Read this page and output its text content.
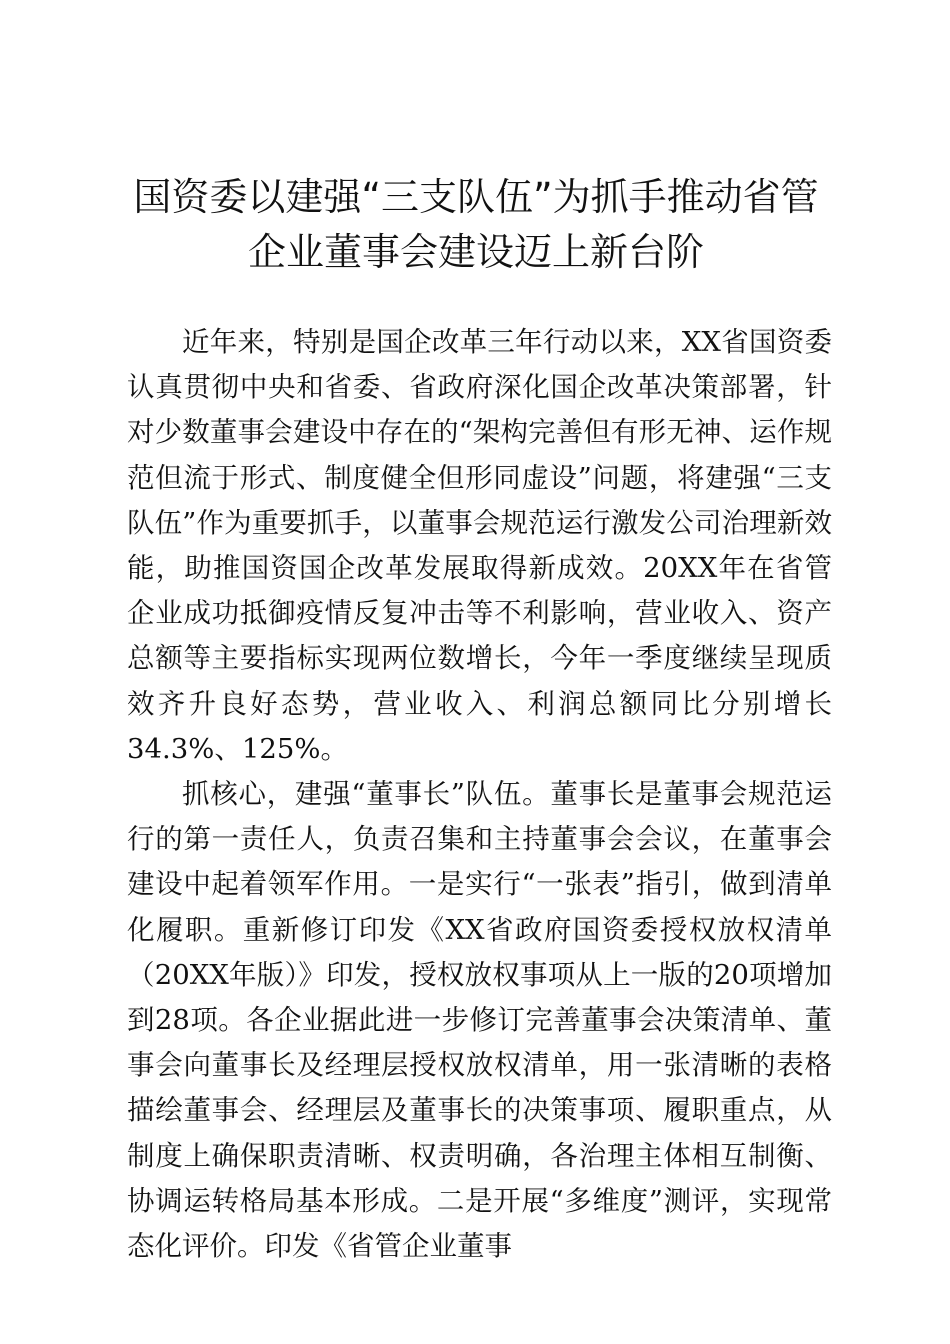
国资委以建强“三支队伍”为抓手推动省管企业董事会建设迈上新台阶

近年来，特别是国企改革三年行动以来，XX省国资委认真贯彻中央和省委、省政府深化国企改革决策部署，针对少数董事会建设中存在的“架构完善但有形无神、运作规范但流于形式、制度健全但形同虚设”问题，将建强“三支队伍”作为重要抓手，以董事会规范运行激发公司治理新效能，助推国资国企改革发展取得新成效。20XX年在省管企业成功抵御疫情反复冲击等不利影响，营业收入、资产总额等主要指标实现两位数增长，今年一季度继续呈现质效齐升良好态势，营业收入、利润总额同比分别增长34.3%、125%。

抓核心，建强“董事长”队伍。董事长是董事会规范运行的第一责任人，负责召集和主持董事会会议，在董事会建设中起着领军作用。一是实行“一张表”指引，做到清单化履职。重新修订印发《XX省政府国资委授权放权清单（20XX年版）》印发，授权放权事项从上一版的20项增加到28项。各企业据此进一步修订完善董事会决策清单、董事会向董事长及经理层授权放权清单，用一张清晰的表格描绘董事会、经理层及董事长的决策事项、履职重点，从制度上确保职责清晰、权责明确，各治理主体相互制衡、协调运转格局基本形成。二是开展“多维度”测评，实现常态化评价。印发《省管企业董事
